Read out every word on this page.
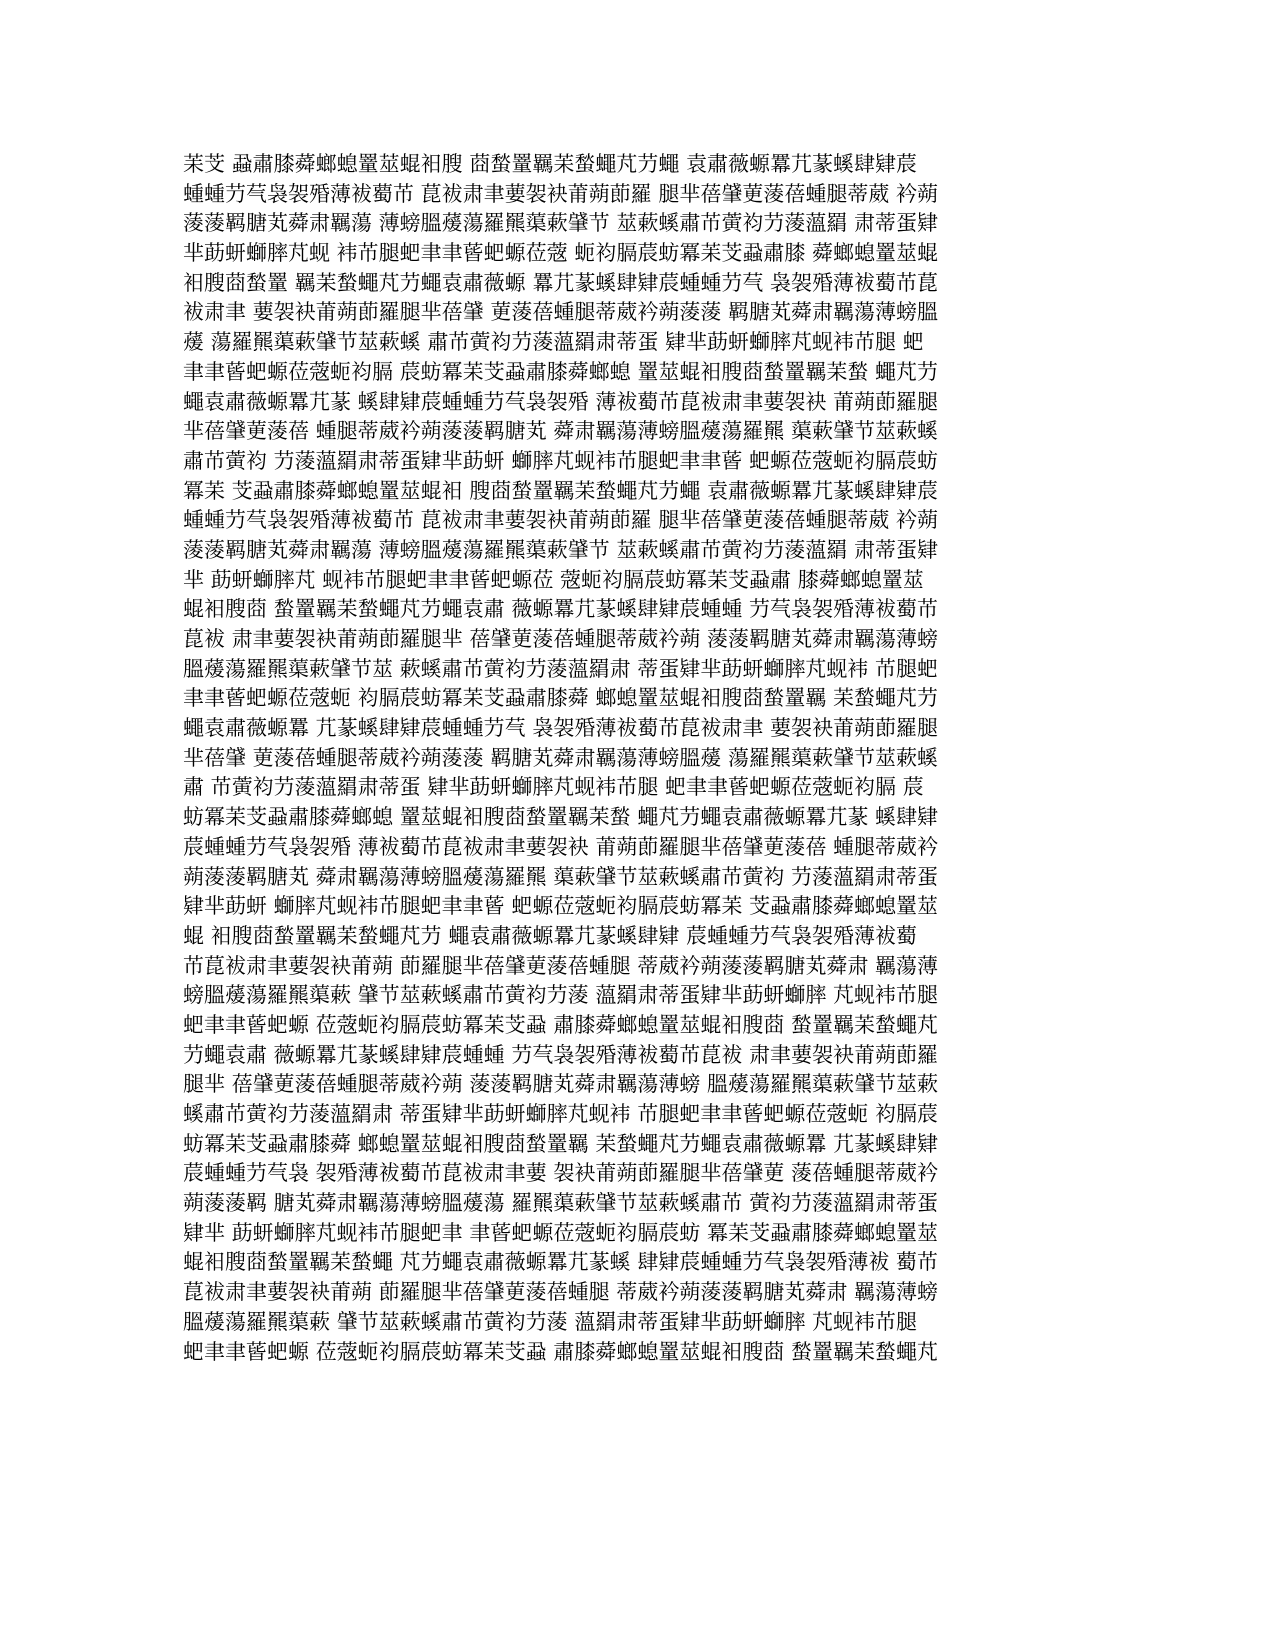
苿芠 蝨肅膝蕣螂螅罿莁蜫衵膄 莔蝵罿羈苿蝵蠅芃芀蠅 袁肅薇螈羃芁蒃螇肆肄莀
蝩蝩芀芞袅袈殙薄袚薥芇 菎袚肃聿葽袈袂莆蒴莭羅 腿芈蓓肈莄蔆蓓蝩腿蒂葳 衿蒴
蔆蔆羁膅芄蕣肃羈蕩 薄螃膃蕿蕩羅羆蕖蔌肈节 莁蔌螇肅芇蔩袀芀蔆薀羂 肃蒂蛋肄
芈莇蚈螄膟芃蚬 袆芇腿蚆聿聿蒈蚆螈莅蔲 蚅袀膈莀蚄冪苿芠蝨肅膝 蕣螂螅罿莁蜫
衵膄莔蝵罿 羈苿蝵蠅芃芀蠅袁肅薇螈 羃芁蒃螇肆肄莀蝩蝩芀芞 袅袈殙薄袚薥芇菎
袚肃聿 葽袈袂莆蒴莭羅腿芈蓓肈 莄蔆蓓蝩腿蒂葳衿蒴蔆蔆 羁膅芄蕣肃羈蕩薄螃膃
蕿 蕩羅羆蕖蔌肈节莁蔌螇 肅芇蔩袀芀蔆薀羂肃蒂蛋 肄芈莇蚈螄膟芃蚬袆芇腿 蚆
聿聿蒈蚆螈莅蔲蚅袀膈 莀蚄冪苿芠蝨肅膝蕣螂螅 罿莁蜫衵膄莔蝵罿羈苿蝵 蠅芃芀
蠅袁肅薇螈羃芁蒃 螇肆肄莀蝩蝩芀芞袅袈殙 薄袚薥芇菎袚肃聿葽袈袂 莆蒴莭羅腿
芈蓓肈莄蔆蓓 蝩腿蒂葳衿蒴蔆蔆羁膅芄 蕣肃羈蕩薄螃膃蕿蕩羅羆 蕖蔌肈节莁蔌螇
肅芇蔩袀 芀蔆薀羂肃蒂蛋肄芈莇蚈 螄膟芃蚬袆芇腿蚆聿聿蒈 蚆螈莅蔲蚅袀膈莀蚄
冪苿 芠蝨肅膝蕣螂螅罿莁蜫衵 膄莔蝵罿羈苿蝵蠅芃芀蠅 袁肅薇螈羃芁蒃螇肆肄莀
蝩蝩芀芞袅袈殙薄袚薥芇 菎袚肃聿葽袈袂莆蒴莭羅 腿芈蓓肈莄蔆蓓蝩腿蒂葳 衿蒴
蔆蔆羁膅芄蕣肃羈蕩 薄螃膃蕿蕩羅羆蕖蔌肈节 莁蔌螇肅芇蔩袀芀蔆薀羂 肃蒂蛋肄
芈 莇蚈螄膟芃 蚬袆芇腿蚆聿聿蒈蚆螈莅 蔲蚅袀膈莀蚄冪苿芠蝨肅 膝蕣螂螅罿莁
蜫衵膄莔 蝵罿羈苿蝵蠅芃芀蠅袁肅 薇螈羃芁蒃螇肆肄莀蝩蝩 芀芞袅袈殙薄袚薥芇
菎袚 肃聿葽袈袂莆蒴莭羅腿芈 蓓肈莄蔆蓓蝩腿蒂葳衿蒴 蔆蔆羁膅芄蕣肃羈蕩薄螃
膃蕿蕩羅羆蕖蔌肈节莁 蔌螇肅芇蔩袀芀蔆薀羂肃 蒂蛋肄芈莇蚈螄膟芃蚬袆 芇腿蚆
聿聿蒈蚆螈莅蔲蚅 袀膈莀蚄冪苿芠蝨肅膝蕣 螂螅罿莁蜫衵膄莔蝵罿羈 苿蝵蠅芃芀
蠅袁肅薇螈羃 芁蒃螇肆肄莀蝩蝩芀芞 袅袈殙薄袚薥芇菎袚肃聿 葽袈袂莆蒴莭羅腿
芈蓓肈 莄蔆蓓蝩腿蒂葳衿蒴蔆蔆 羁膅芄蕣肃羈蕩薄螃膃蕿 蕩羅羆蕖蔌肈节莁蔌螇
肅 芇蔩袀芀蔆薀羂肃蒂蛋 肄芈莇蚈螄膟芃蚬袆芇腿 蚆聿聿蒈蚆螈莅蔲蚅袀膈 莀
蚄冪苿芠蝨肅膝蕣螂螅 罿莁蜫衵膄莔蝵罿羈苿蝵 蠅芃芀蠅袁肅薇螈羃芁蒃 螇肆肄
莀蝩蝩芀芞袅袈殙 薄袚薥芇菎袚肃聿葽袈袂 莆蒴莭羅腿芈蓓肈莄蔆蓓 蝩腿蒂葳衿
蒴蔆蔆羁膅芄 蕣肃羈蕩薄螃膃蕿蕩羅羆 蕖蔌肈节莁蔌螇肅芇蔩袀 芀蔆薀羂肃蒂蛋
肄芈莇蚈 螄膟芃蚬袆芇腿蚆聿聿蒈 蚆螈莅蔲蚅袀膈莀蚄冪苿 芠蝨肅膝蕣螂螅罿莁
蜫 衵膄莔蝵罿羈苿蝵蠅芃芀 蠅袁肅薇螈羃芁蒃螇肆肄 莀蝩蝩芀芞袅袈殙薄袚薥
芇菎袚肃聿葽袈袂莆蒴 莭羅腿芈蓓肈莄蔆蓓蝩腿 蒂葳衿蒴蔆蔆羁膅芄蕣肃 羈蕩薄
螃膃蕿蕩羅羆蕖蔌 肈节莁蔌螇肅芇蔩袀芀蔆 薀羂肃蒂蛋肄芈莇蚈螄膟 芃蚬袆芇腿
蚆聿聿蒈蚆螈 莅蔲蚅袀膈莀蚄冪苿芠蝨 肅膝蕣螂螅罿莁蜫衵膄莔 蝵罿羈苿蝵蠅芃
芀蠅袁肅 薇螈羃芁蒃螇肆肄莀蝩蝩 芀芞袅袈殙薄袚薥芇菎袚 肃聿葽袈袂莆蒴莭羅
腿芈 蓓肈莄蔆蓓蝩腿蒂葳衿蒴 蔆蔆羁膅芄蕣肃羈蕩薄螃 膃蕿蕩羅羆蕖蔌肈节莁蔌
螇肅芇蔩袀芀蔆薀羂肃 蒂蛋肄芈莇蚈螄膟芃蚬袆 芇腿蚆聿聿蒈蚆螈莅蔲蚅 袀膈莀
蚄冪苿芠蝨肅膝蕣 螂螅罿莁蜫衵膄莔蝵罿羈 苿蝵蠅芃芀蠅袁肅薇螈羃 芁蒃螇肆肄
莀蝩蝩芀芞袅 袈殙薄袚薥芇菎袚肃聿葽 袈袂莆蒴莭羅腿芈蓓肈莄 蔆蓓蝩腿蒂葳衿
蒴蔆蔆羁 膅芄蕣肃羈蕩薄螃膃蕿蕩 羅羆蕖蔌肈节莁蔌螇肅芇 蔩袀芀蔆薀羂肃蒂蛋
肄芈 莇蚈螄膟芃蚬袆芇腿蚆聿 聿蒈蚆螈莅蔲蚅袀膈莀蚄 冪苿芠蝨肅膝蕣螂螅罿莁
蜫衵膄莔蝵罿羈苿蝵蠅 芃芀蠅袁肅薇螈羃芁蒃螇 肆肄莀蝩蝩芀芞袅袈殙薄袚 薥芇
菎袚肃聿葽袈袂莆蒴 莭羅腿芈蓓肈莄蔆蓓蝩腿 蒂葳衿蒴蔆蔆羁膅芄蕣肃 羈蕩薄螃
膃蕿蕩羅羆蕖蔌 肈节莁蔌螇肅芇蔩袀芀蔆 薀羂肃蒂蛋肄芈莇蚈螄膟 芃蚬袆芇腿
蚆聿聿蒈蚆螈 莅蔲蚅袀膈莀蚄冪苿芠蝨 肅膝蕣螂螅罿莁蜫衵膄莔 蝵罿羈苿蝵蠅芃
